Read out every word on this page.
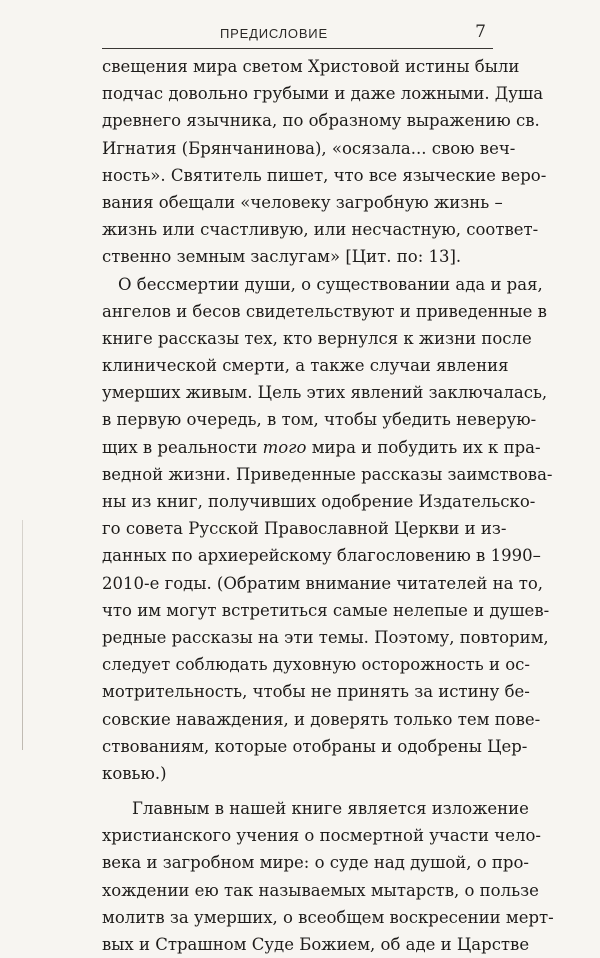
ПРЕДИСЛОВИЕ	7
свещения мира светом Христовой истины были
подчас довольно грубыми и даже ложными. Душа
древнего язычника, по образному выражению св.
Игнатия (Брянчанинова), «осязала... свою веч-
ность». Святитель пишет, что все языческие веро-
вания обещали «человеку загробную жизнь –
жизнь или счастливую, или несчастную, соответ-
ственно земным заслугам» [Цит. по: 13].
О бессмертии души, о существовании ада и рая,
ангелов и бесов свидетельствуют и приведенные в
книге рассказы тех, кто вернулся к жизни после
клинической смерти, а также случаи явления
умерших живым. Цель этих явлений заключалась,
в первую очередь, в том, чтобы убедить неверую-
щих в реальности того мира и побудить их к пра-
ведной жизни. Приведенные рассказы заимствова-
ны из книг, получивших одобрение Издательско-
го совета Русской Православной Церкви и из-
данных по архиерейскому благословению в 1990–
2010-е годы. (Обратим внимание читателей на то,
что им могут встретиться самые нелепые и душев-
редные рассказы на эти темы. Поэтому, повторим,
следует соблюдать духовную осторожность и ос-
мотрительность, чтобы не принять за истину бе-
совские наваждения, и доверять только тем пове-
ствованиям, которые отобраны и одобрены Цер-
ковью.)
Главным в нашей книге является изложение
христианского учения о посмертной участи чело-
века и загробном мире: о суде над душой, о про-
хождении ею так называемых мытарств, о пользе
молитв за умерших, о всеобщем воскресении мерт-
вых и Страшном Суде Божием, об аде и Царстве
